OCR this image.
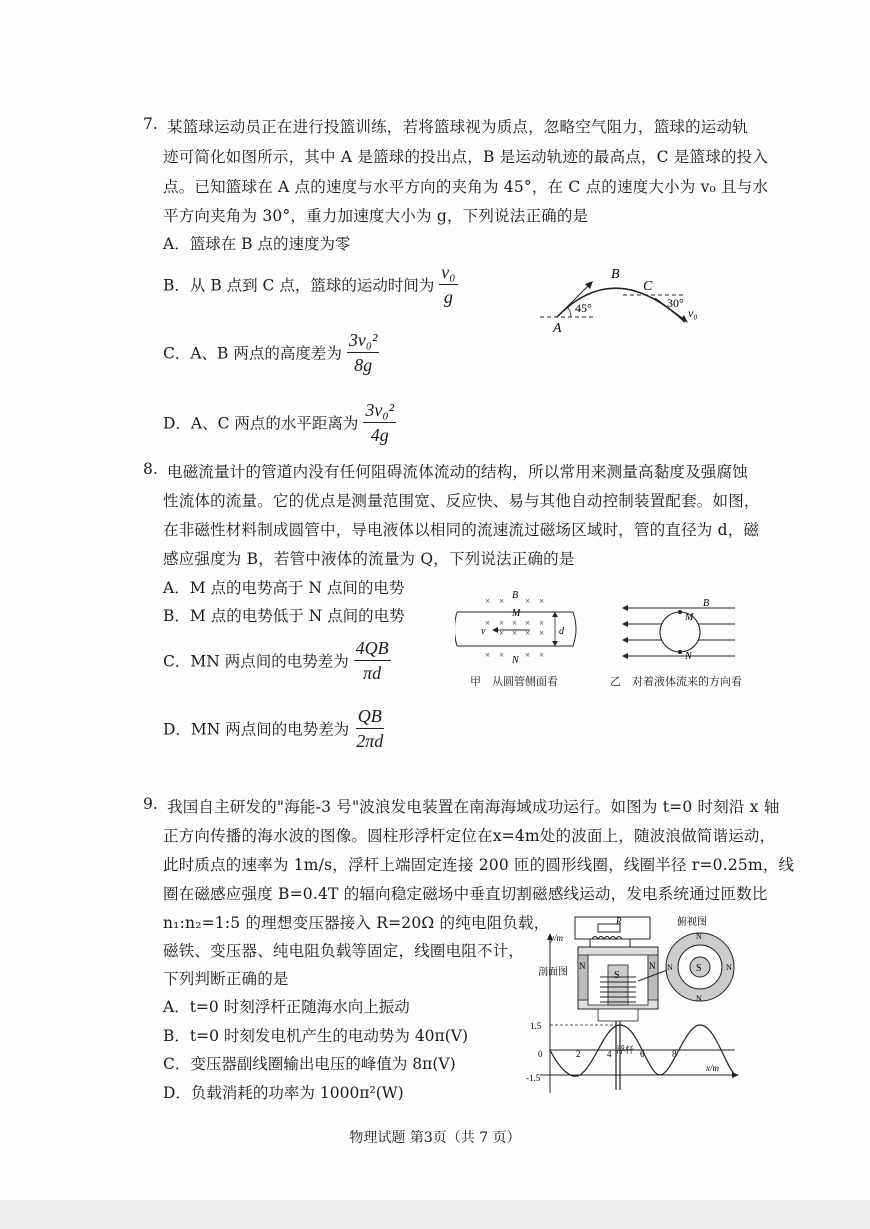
7. 某篮球运动员正在进行投篮训练，若将篮球视为质点，忽略空气阻力，篮球的运动轨
迹可简化如图所示，其中 A 是篮球的投出点，B 是运动轨迹的最高点，C 是篮球的投入
点。已知篮球在 A 点的速度与水平方向的夹角为 45°，在 C 点的速度大小为 v₀ 且与水
平方向夹角为 30°，重力加速度大小为 g，下列说法正确的是
A．篮球在 B 点的速度为零
B．从 B 点到 C 点，篮球的运动时间为 $\frac{\text{v₀}}{g}$
C．A、B 两点的高度差为 $\frac{\text{3v₀²}}{8g}$
D．A、C 两点的水平距离为 $\frac{\text{3v₀²}}{4g}$
A
B
C
45°	30°
v₀
8. 电磁流量计的管道内没有任何阻碍流体流动的结构，所以常用来测量高黏度及强腐蚀
性流体的流量。它的优点是测量范围宽、反应快、易与其他自动控制装置配套。如图，
在非磁性材料制成圆管中，导电液体以相同的流速流过磁场区域时，管的直径为 d，磁
感应强度为 B，若管中液体的流量为 Q，下列说法正确的是
A．M 点的电势高于 N 点间的电势
B．M 点的电势低于 N 点间的电势
C．MN 两点间的电势差为 $\frac{4QB}{\pi d}$
D．MN 两点间的电势差为 $\frac{QB}{2\pi d}$
× × × ×
× × × × ×
× × × ×
× × × ×
B
M
N
v	d
甲　从圆管侧面看
B
M
N
乙　对着液体流来的方向看
9. 我国自主研发的"海能-3 号"波浪发电装置在南海海域成功运行。如图为 t=0 时刻沿 x 轴
正方向传播的海水波的图像。圆柱形浮杆定位在x=4m处的波面上，随波浪做简谐运动，
此时质点的速率为 1m/s，浮杆上端固定连接 200 匝的圆形线圈，线圈半径 r=0.25m，线
圈在磁感应强度 B=0.4T 的辐向稳定磁场中垂直切割磁感线运动，发电系统通过匝数比
n₁:n₂=1:5 的理想变压器接入 R=20Ω 的纯电阻负载，
磁铁、变压器、纯电阻负载等固定，线圈电阻不计，
下列判断正确的是
A．t=0 时刻浮杆正随海水向上振动
B．t=0 时刻发电机产生的电动势为 40π(V)
C．变压器副线圈输出电压的峰值为 8π(V)
D．负载消耗的功率为 1000π²(W)
R
N	N
S
浮杆
剖面图
俯视图
S
N
N
N	N
y/m
x/m
1.5
-1.5
0	2	4	6	8
物理试题 第3页（共 7 页）
